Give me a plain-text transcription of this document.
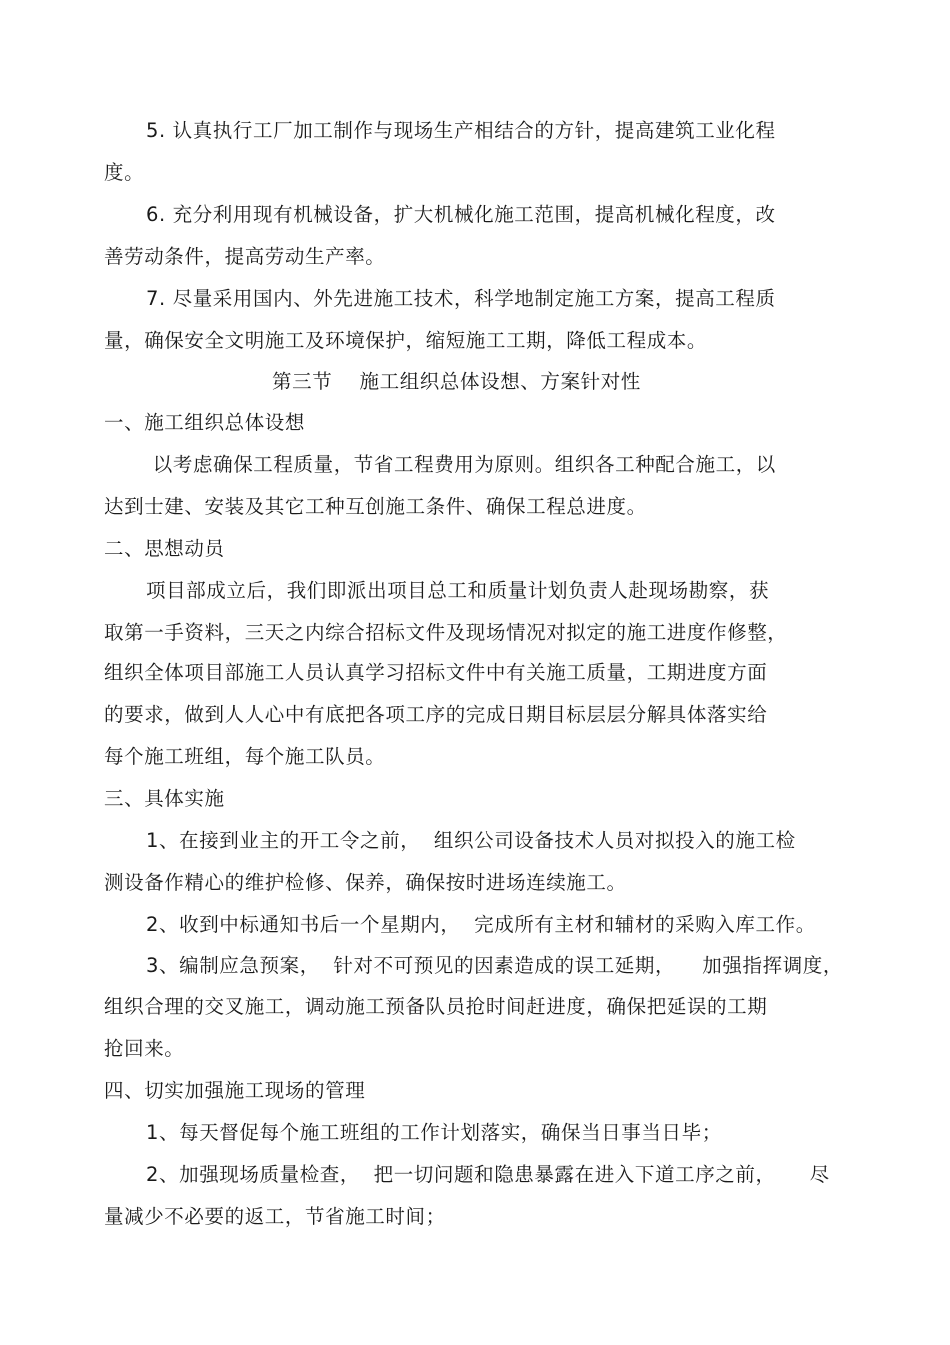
5. 认真执行工厂加工制作与现场生产相结合的方针，提高建筑工业化程
度。
6. 充分利用现有机械设备，扩大机械化施工范围，提高机械化程度，改
善劳动条件，提高劳动生产率。
7. 尽量采用国内、外先进施工技术，科学地制定施工方案，提高工程质
量，确保安全文明施工及环境保护，缩短施工工期，降低工程成本。
第三节    施工组织总体设想、方案针对性
一、施工组织总体设想
以考虑确保工程质量，节省工程费用为原则。组织各工种配合施工，以
达到士建、安装及其它工种互创施工条件、确保工程总进度。
二、思想动员
项目部成立后，我们即派出项目总工和质量计划负责人赴现场勘察，获
取第一手资料，三天之内综合招标文件及现场情况对拟定的施工进度作修整，
组织全体项目部施工人员认真学习招标文件中有关施工质量，工期进度方面
的要求，做到人人心中有底把各项工序的完成日期目标层层分解具体落实给
每个施工班组，每个施工队员。
三、具体实施
1、在接到业主的开工令之前，  组织公司设备技术人员对拟投入的施工检
测设备作精心的维护检修、保养，确保按时进场连续施工。
2、收到中标通知书后一个星期内，  完成所有主材和辅材的采购入库工作。
3、编制应急预案，  针对不可预见的因素造成的误工延期，    加强指挥调度，
组织合理的交叉施工，调动施工预备队员抢时间赶进度，确保把延误的工期
抢回来。
四、切实加强施工现场的管理
1、每天督促每个施工班组的工作计划落实，确保当日事当日毕；
2、加强现场质量检查，  把一切问题和隐患暴露在进入下道工序之前，     尽
量减少不必要的返工，节省施工时间；
